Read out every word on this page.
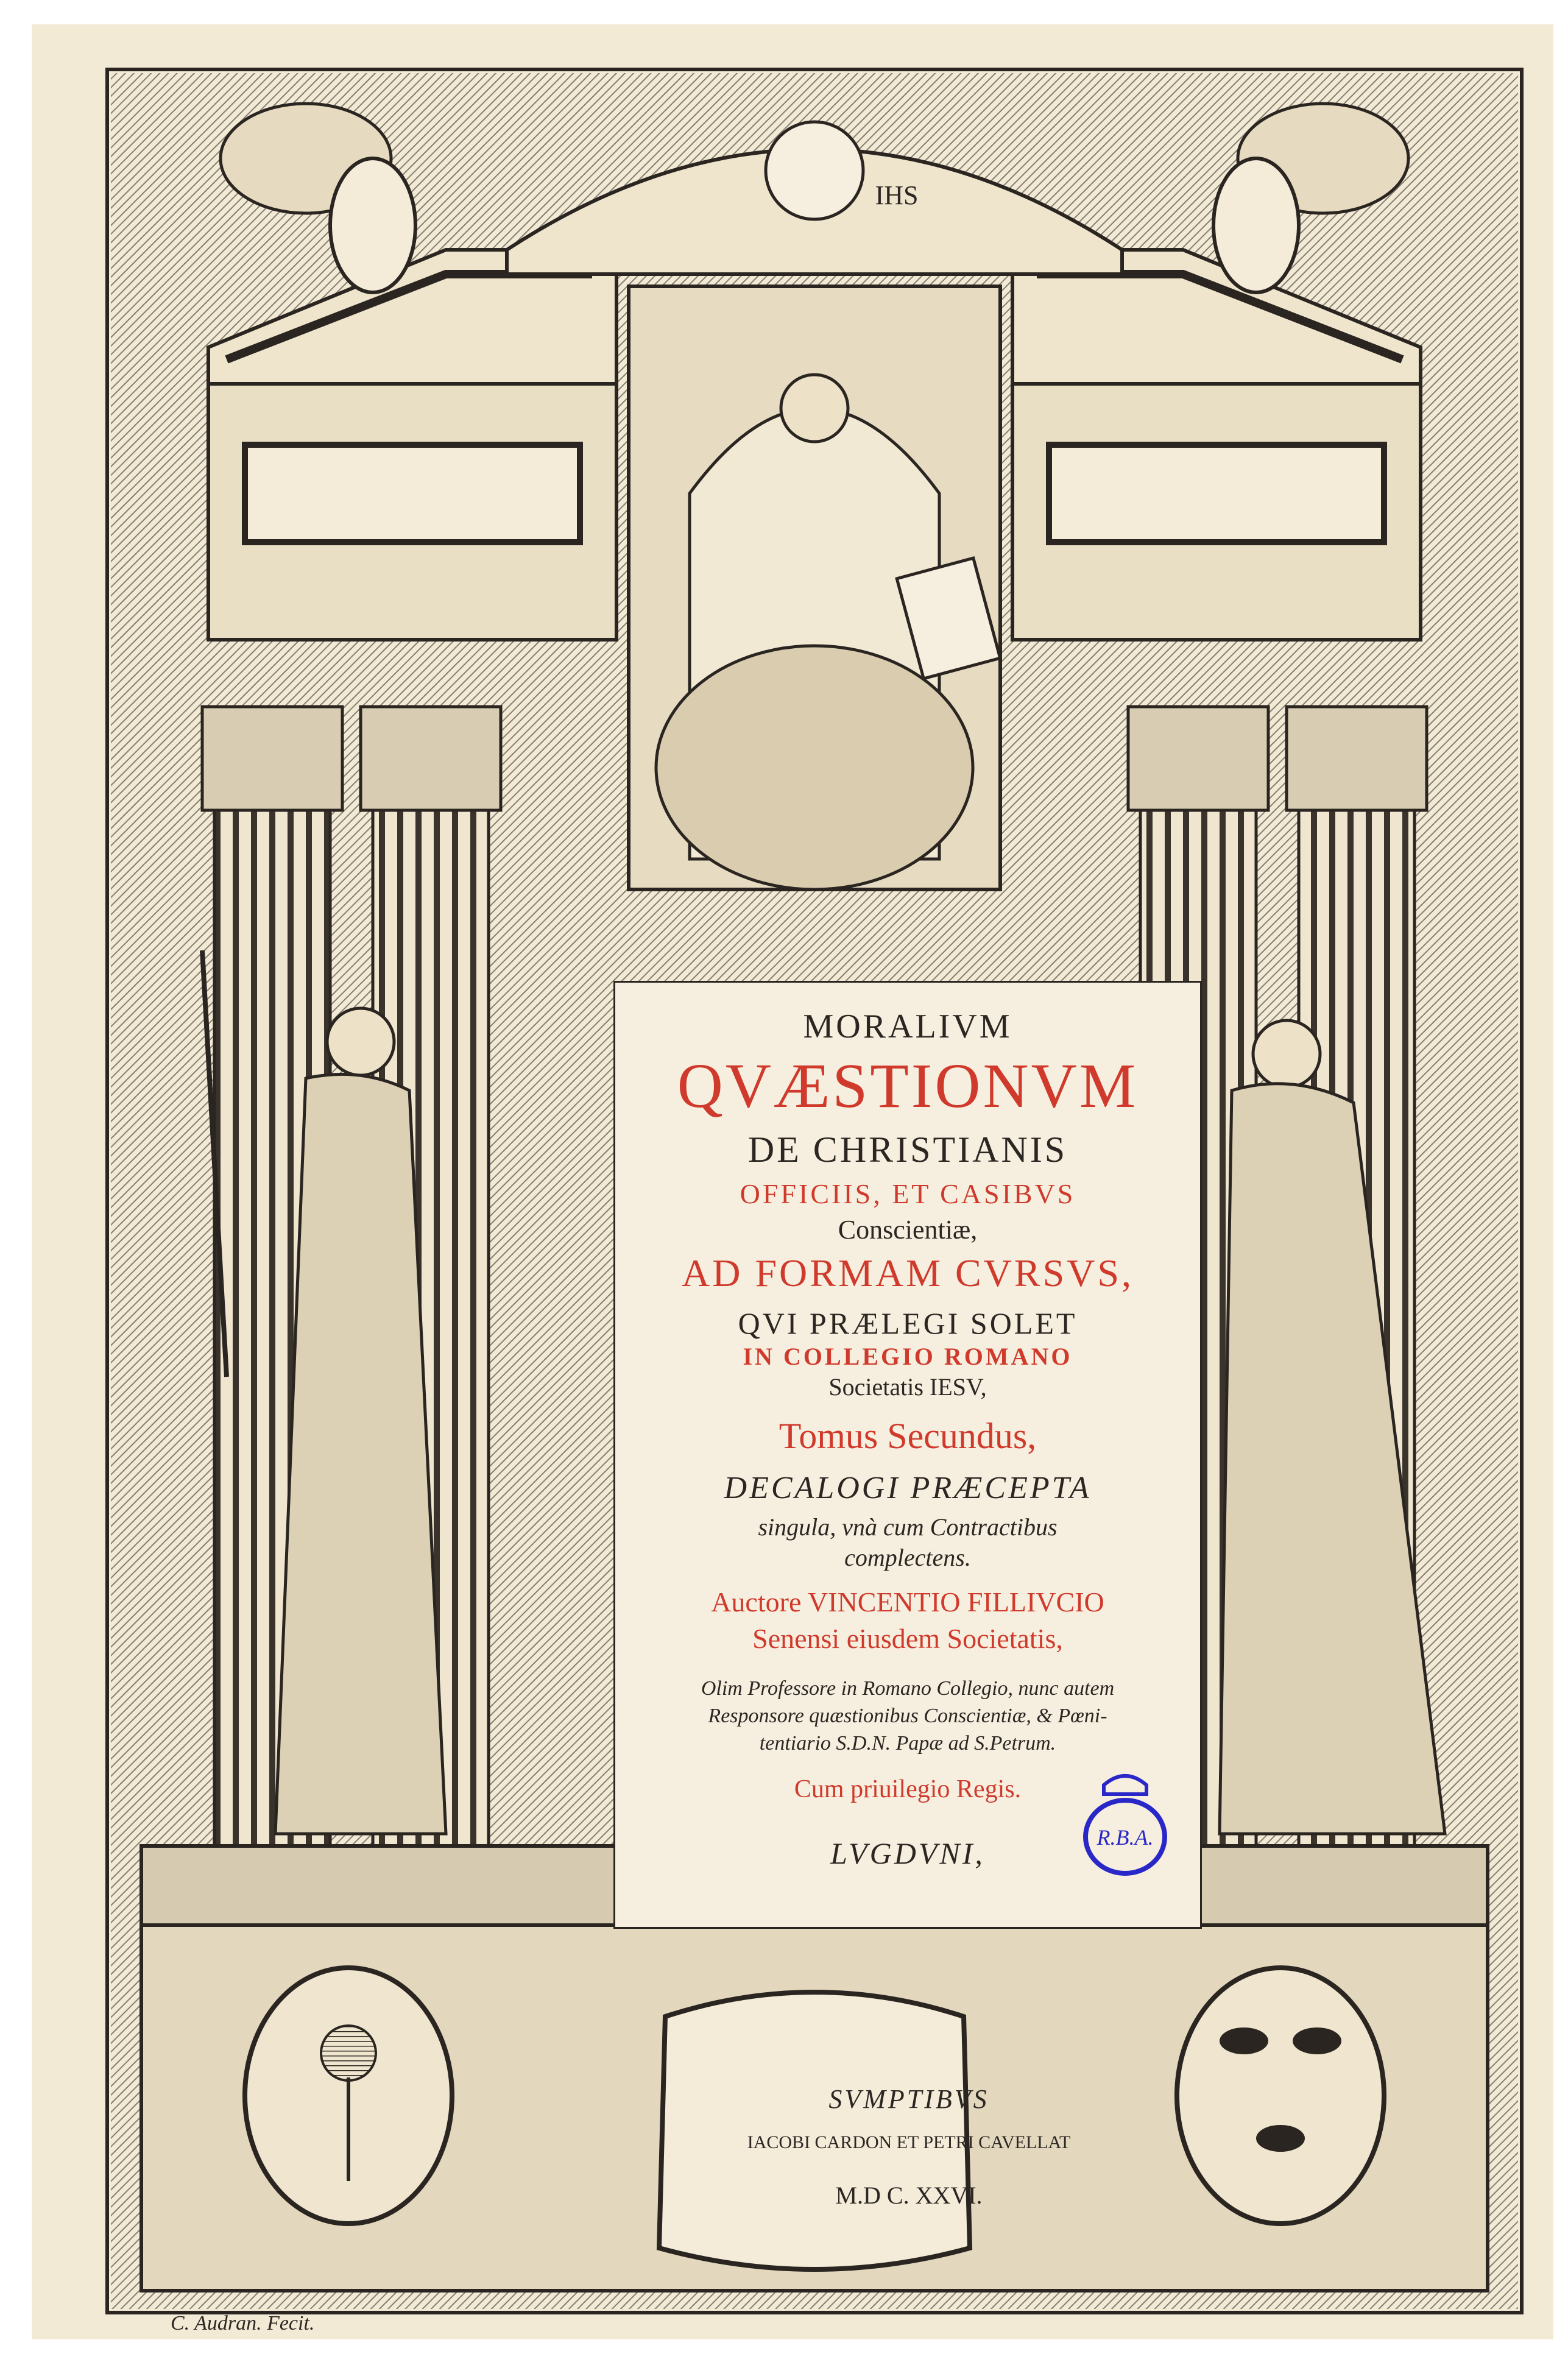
IHS

MORALIVM

QVÆSTIONVM

DE CHRISTIANIS

OFFICIIS, ET CASIBVS

Conscientiæ,

AD FORMAM CVRSVS,

QVI PRÆLEGI SOLET

IN COLLEGIO ROMANO

Societatis IESV,

Tomus Secundus,

DECALOGI PRÆCEPTA

singula, vnà cum Contractibus

complectens.

Auctore VINCENTIO FILLIVCIO

Senensi eiusdem Societatis,

Olim Professore in Romano Collegio, nunc autem

Responsore quæstionibus Conscientiæ, & Pœni-

tentiario S.D.N. Papæ ad S.Petrum.

Cum priuilegio Regis.

LVGDVNI,

SVMPTIBVS

IACOBI CARDON ET PETRI CAVELLAT

M.D C. XXVI.

R.B.A.
C. Audran. Fecit.
